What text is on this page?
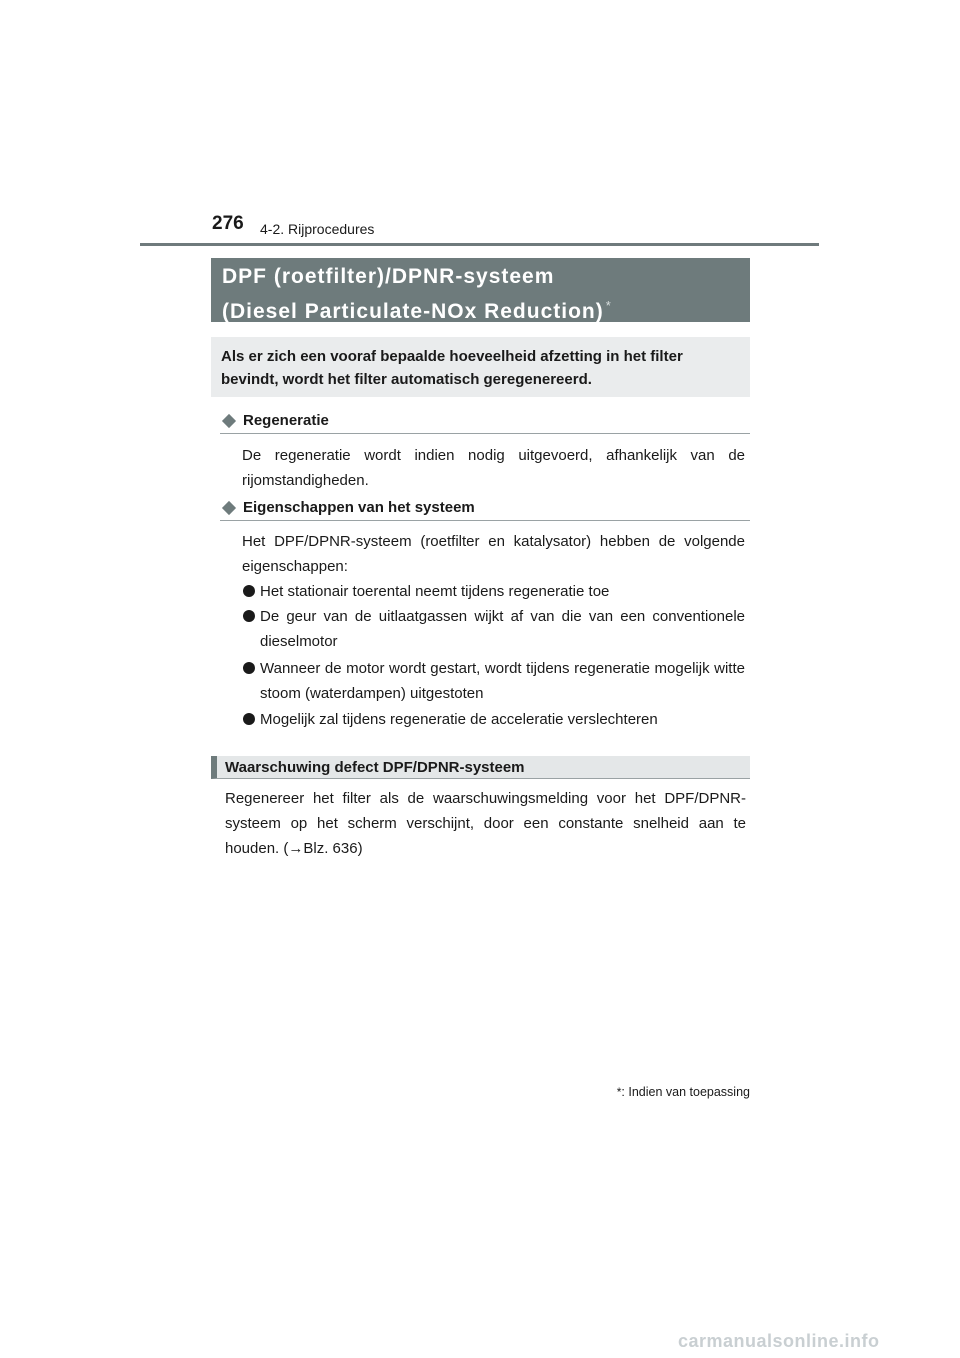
276 4-2. Rijprocedures
DPF (roetfilter)/DPNR-systeem
(Diesel Particulate-NOx Reduction) *
Als er zich een vooraf bepaalde hoeveelheid afzetting in het filter bevindt, wordt het filter automatisch geregenereerd.
Regeneratie
De regeneratie wordt indien nodig uitgevoerd, afhankelijk van de rijomstandigheden.
Eigenschappen van het systeem
Het DPF/DPNR-systeem (roetfilter en katalysator) hebben de volgende eigenschappen:
Het stationair toerental neemt tijdens regeneratie toe
De geur van de uitlaatgassen wijkt af van die van een conventionele dieselmotor
Wanneer de motor wordt gestart, wordt tijdens regeneratie mogelijk witte stoom (waterdampen) uitgestoten
Mogelijk zal tijdens regeneratie de acceleratie verslechteren
Waarschuwing defect DPF/DPNR-systeem
Regenereer het filter als de waarschuwingsmelding voor het DPF/DPNR-systeem op het scherm verschijnt, door een constante snelheid aan te houden. (→Blz. 636)
*: Indien van toepassing
carmanualsonline.info
